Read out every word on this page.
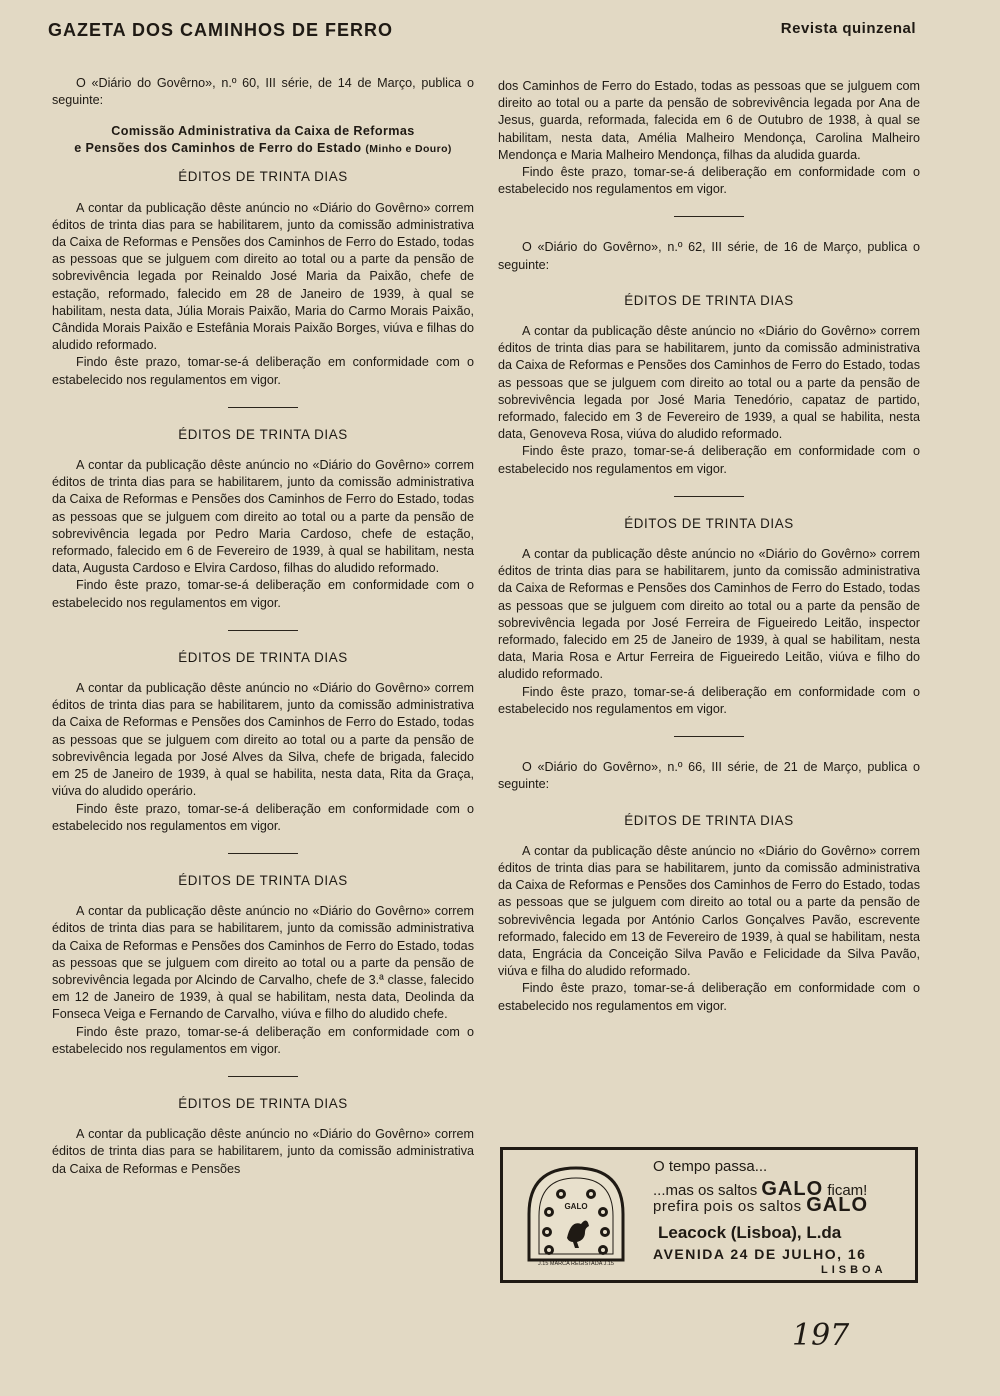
GAZETA DOS CAMINHOS DE FERRO	Revista quinzenal

O «Diário do Govêrno», n.º 60, III série, de 14 de Março, publica o seguinte:

Comissão Administrativa da Caixa de Reformas
e Pensões dos Caminhos de Ferro do Estado (Minho e Douro)
ÉDITOS DE TRINTA DIAS

A contar da publicação dêste anúncio no «Diário do Govêrno» correm éditos de trinta dias para se habilitarem, junto da comissão administrativa da Caixa de Reformas e Pensões dos Caminhos de Ferro do Estado, todas as pessoas que se julguem com direito ao total ou a parte da pensão de sobrevivência legada por Reinaldo José Maria da Paixão, chefe de estação, reformado, falecido em 28 de Janeiro de 1939, à qual se habilitam, nesta data, Júlia Morais Paixão, Maria do Carmo Morais Paixão, Cândida Morais Paixão e Estefânia Morais Paixão Borges, viúva e filhas do aludido reformado.

Findo êste prazo, tomar-se-á deliberação em conformidade com o estabelecido nos regulamentos em vigor.

ÉDITOS DE TRINTA DIAS

A contar da publicação dêste anúncio no «Diário do Govêrno» correm éditos de trinta dias para se habilitarem, junto da comissão administrativa da Caixa de Reformas e Pensões dos Caminhos de Ferro do Estado, todas as pessoas que se julguem com direito ao total ou a parte da pensão de sobrevivência legada por Pedro Maria Cardoso, chefe de estação, reformado, falecido em 6 de Fevereiro de 1939, à qual se habilitam, nesta data, Augusta Cardoso e Elvira Cardoso, filhas do aludido reformado.

Findo êste prazo, tomar-se-á deliberação em conformidade com o estabelecido nos regulamentos em vigor.

ÉDITOS DE TRINTA DIAS

A contar da publicação dêste anúncio no «Diário do Govêrno» correm éditos de trinta dias para se habilitarem, junto da comissão administrativa da Caixa de Reformas e Pensões dos Caminhos de Ferro do Estado, todas as pessoas que se julguem com direito ao total ou a parte da pensão de sobrevivência legada por José Alves da Silva, chefe de brigada, falecido em 25 de Janeiro de 1939, à qual se habilita, nesta data, Rita da Graça, viúva do aludido operário.

Findo êste prazo, tomar-se-á deliberação em conformidade com o estabelecido nos regulamentos em vigor.

ÉDITOS DE TRINTA DIAS

A contar da publicação dêste anúncio no «Diário do Govêrno» correm éditos de trinta dias para se habilitarem, junto da comissão administrativa da Caixa de Reformas e Pensões dos Caminhos de Ferro do Estado, todas as pessoas que se julguem com direito ao total ou a parte da pensão de sobrevivência legada por Alcindo de Carvalho, chefe de 3.ª classe, falecido em 12 de Janeiro de 1939, à qual se habilitam, nesta data, Deolinda da Fonseca Veiga e Fernando de Carvalho, viúva e filho do aludido chefe.

Findo êste prazo, tomar-se-á deliberação em conformidade com o estabelecido nos regulamentos em vigor.

ÉDITOS DE TRINTA DIAS

A contar da publicação dêste anúncio no «Diário do Govêrno» correm éditos de trinta dias para se habilitarem, junto da comissão administrativa da Caixa de Reformas e Pensões

dos Caminhos de Ferro do Estado, todas as pessoas que se julguem com direito ao total ou a parte da pensão de sobrevivência legada por Ana de Jesus, guarda, reformada, falecida em 6 de Outubro de 1938, à qual se habilitam, nesta data, Amélia Malheiro Mendonça, Carolina Malheiro Mendonça e Maria Malheiro Mendonça, filhas da aludida guarda.

Findo êste prazo, tomar-se-á deliberação em conformidade com o estabelecido nos regulamentos em vigor.

O «Diário do Govêrno», n.º 62, III série, de 16 de Março, publica o seguinte:

ÉDITOS DE TRINTA DIAS

A contar da publicação dêste anúncio no «Diário do Govêrno» correm éditos de trinta dias para se habilitarem, junto da comissão administrativa da Caixa de Reformas e Pensões dos Caminhos de Ferro do Estado, todas as pessoas que se julguem com direito ao total ou a parte da pensão de sobrevivência legada por José Maria Tenedório, capataz de partido, reformado, falecido em 3 de Fevereiro de 1939, a qual se habilita, nesta data, Genoveva Rosa, viúva do aludido reformado.

Findo êste prazo, tomar-se-á deliberação em conformidade com o estabelecido nos regulamentos em vigor.

ÉDITOS DE TRINTA DIAS

A contar da publicação dêste anúncio no «Diário do Govêrno» correm éditos de trinta dias para se habilitarem, junto da comissão administrativa da Caixa de Reformas e Pensões dos Caminhos de Ferro do Estado, todas as pessoas que se julguem com direito ao total ou a parte da pensão de sobrevivência legada por José Ferreira de Figueiredo Leitão, inspector reformado, falecido em 25 de Janeiro de 1939, à qual se habilitam, nesta data, Maria Rosa e Artur Ferreira de Figueiredo Leitão, viúva e filho do aludido reformado.

Findo êste prazo, tomar-se-á deliberação em conformidade com o estabelecido nos regulamentos em vigor.

O «Diário do Govêrno», n.º 66, III série, de 21 de Março, publica o seguinte:

ÉDITOS DE TRINTA DIAS

A contar da publicação dêste anúncio no «Diário do Govêrno» correm éditos de trinta dias para se habilitarem, junto da comissão administrativa da Caixa de Reformas e Pensões dos Caminhos de Ferro do Estado, todas as pessoas que se julguem com direito ao total ou a parte da pensão de sobrevivência legada por António Carlos Gonçalves Pavão, escrevente reformado, falecido em 13 de Fevereiro de 1939, à qual se habilitam, nesta data, Engrácia da Conceição Silva Pavão e Felicidade da Silva Pavão, viúva e filha do aludido reformado.

Findo êste prazo, tomar-se-á deliberação em conformidade com o estabelecido nos regulamentos em vigor.

GALO
J.15 MARCA REGISTADA J.15
O tempo passa...
...mas os saltos GALO ficam!
prefira pois os saltos GALO
Leacock (Lisboa), L.da
AVENIDA 24 DE JULHO, 16
LISBOA
197
